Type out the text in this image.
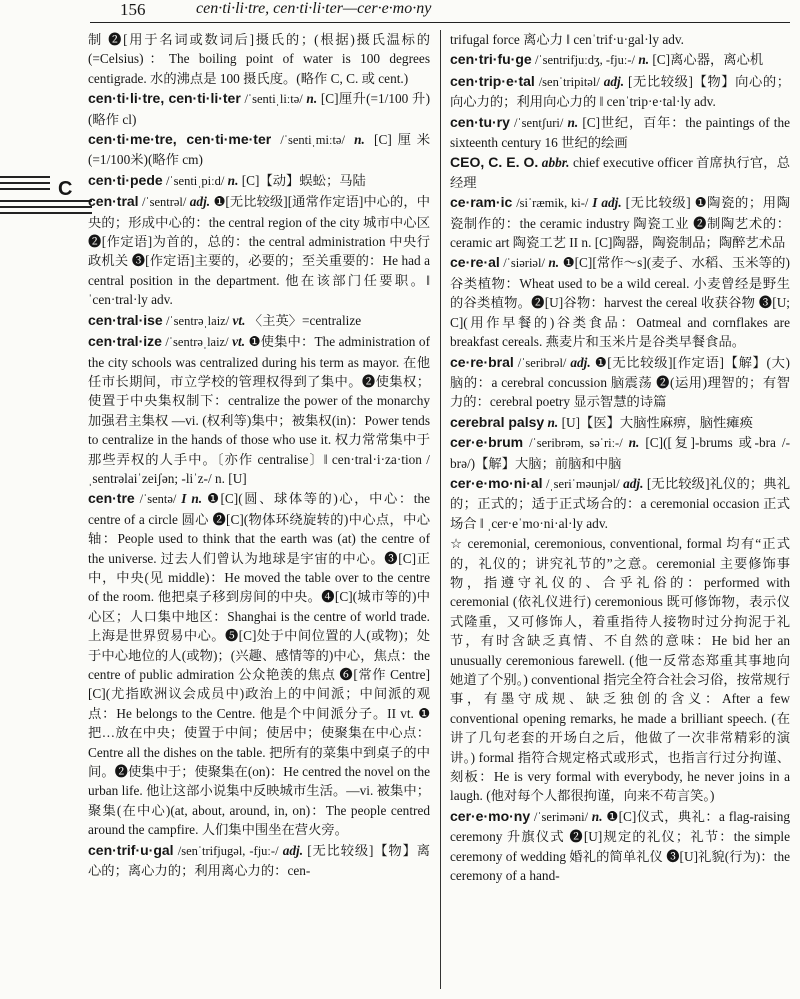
156	cen·ti·li·tre, cen·ti·li·ter—cer·e·mo·ny
C
制 ❷[用于名词或数词后]摄氏的；(根据)摄氏温标的(=Celsius)：The boiling point of water is 100 degrees centigrade. 水的沸点是 100 摄氏度。(略作 C, C. 或 cent.)
cen·ti·li·tre, cen·ti·li·ter /ˈsentiˌliːtə/ n. [C]厘升(=1/100 升)(略作 cl)
cen·ti·me·tre, cen·ti·me·ter /ˈsentiˌmiːtə/ n. [C]厘米(=1/100米)(略作 cm)
cen·ti·pede /ˈsentiˌpiːd/ n. [C]【动】蜈蚣；马陆
cen·tral /ˈsentrəl/ adj. ❶[无比较级][通常作定语]中心的，中央的；形成中心的：the central region of the city 城市中心区 ❷[作定语]为首的，总的：the central administration 中央行政机关 ❸[作定语]主要的，必要的；至关重要的：He had a central position in the department. 他在该部门任要职。‖ ˈcen·tral·ly adv.
cen·tral·ise /ˈsentrəˌlaiz/ vt. 〈主英〉=centralize
cen·tral·ize /ˈsentrəˌlaiz/ vt. ❶使集中：The administration of the city schools was centralized during his term as mayor. 在他任市长期间，市立学校的管理权得到了集中。❷使集权；使置于中央集权制下：centralize the power of the monarchy 加强君主集权 —vi. (权利等)集中；被集权(in)：Power tends to centralize in the hands of those who use it. 权力常常集中于那些弄权的人手中。〔亦作 centralise〕‖ cen·tral·i·za·tion /ˌsentrəlaiˈzeiʃən; -liˈz-/ n. [U]
cen·tre /ˈsentə/ I n. ❶[C](圆、球体等的)心，中心：the centre of a circle 圆心 ❷[C](物体环绕旋转的)中心点，中心轴：People used to think that the earth was (at) the centre of the universe. 过去人们曾认为地球是宇宙的中心。❸[C]正中，中央(见 middle)：He moved the table over to the centre of the room. 他把桌子移到房间的中央。❹[C](城市等的)中心区；人口集中地区：Shanghai is the centre of world trade. 上海是世界贸易中心。❺[C]处于中间位置的人(或物)；处于中心地位的人(或物)；(兴趣、感情等的)中心，焦点：the centre of public admiration 公众艳羡的焦点 ❻[常作 Centre][C](尤指欧洲议会成员中)政治上的中间派；中间派的观点：He belongs to the Centre. 他是个中间派分子。II vt. ❶把…放在中央；使置于中间；使居中；使聚集在中心点：Centre all the dishes on the table. 把所有的菜集中到桌子的中间。❷使集中于；使聚集在(on)：He centred the novel on the urban life. 他让这部小说集中反映城市生活。—vi. 被集中；聚集(在中心)(at, about, around, in, on)：The people centred around the campfire. 人们集中围坐在营火旁。
cen·trif·u·gal /senˈtrifjugəl, -fjuː-/ adj. [无比较级]【物】离心的；离心力的；利用离心力的：cen-
trifugal force 离心力 ‖ cenˈtrif·u·gal·ly adv.
cen·tri·fu·ge /ˈsentrifjuːdʒ, -fjuː-/ n. [C]离心器，离心机
cen·trip·e·tal /senˈtripitəl/ adj. [无比较级]【物】向心的；向心力的；利用向心力的 ‖ cenˈtrip·e·tal·ly adv.
cen·tu·ry /ˈsentʃuri/ n. [C]世纪，百年：the paintings of the sixteenth century 16 世纪的绘画
CEO, C. E. O. abbr. chief executive officer 首席执行官，总经理
ce·ram·ic /siˈræmik, ki-/ I adj. [无比较级] ❶陶瓷的；用陶瓷制作的：the ceramic industry 陶瓷工业 ❷制陶艺术的：ceramic art 陶瓷工艺 II n. [C]陶器，陶瓷制品；陶醉艺术品
ce·re·al /ˈsiəriəl/ n. ❶[C][常作～s](麦子、水稻、玉米等的)谷类植物：Wheat used to be a wild cereal. 小麦曾经是野生的谷类植物。❷[U]谷物：harvest the cereal 收获谷物 ❸[U; C](用作早餐的)谷类食品：Oatmeal and cornflakes are breakfast cereals. 燕麦片和玉米片是谷类早餐食品。
ce·re·bral /ˈseribrəl/ adj. ❶[无比较级][作定语]【解】(大)脑的：a cerebral concussion 脑震荡 ❷(运用)理智的；有智力的：cerebral poetry 显示智慧的诗篇
cerebral palsy n. [U]【医】大脑性麻痹，脑性瘫痪
cer·e·brum /ˈseribrəm, səˈriː-/ n. [C]([复]-brums 或-bra /-brə/)【解】大脑；前脑和中脑
cer·e·mo·ni·al /ˌseriˈməunjəl/ adj. [无比较级]礼仪的；典礼的；正式的；适于正式场合的：a ceremonial occasion 正式场合 ‖ ˌcer·eˈmo·ni·al·ly adv.
☆ ceremonial, ceremonious, conventional, formal 均有“正式的，礼仪的；讲究礼节的”之意。ceremonial 主要修饰事物，指遵守礼仪的、合乎礼俗的：performed with ceremonial (依礼仪进行) ceremonious 既可修饰物，表示仪式隆重，又可修饰人，着重指待人接物时过分拘泥于礼节，有时含缺乏真情、不自然的意味：He bid her an unusually ceremonious farewell. (他一反常态郑重其事地向她道了个别。) conventional 指完全符合社会习俗，按常规行事，有墨守成规、缺乏独创的含义：After a few conventional opening remarks, he made a brilliant speech. (在讲了几句老套的开场白之后，他做了一次非常精彩的演讲。) formal 指符合规定格式或形式，也指言行过分拘谨、刻板：He is very formal with everybody, he never joins in a laugh. (他对每个人都很拘谨，向来不苟言笑。)
cer·e·mo·ny /ˈseriməni/ n. ❶[C]仪式，典礼：a flag-raising ceremony 升旗仪式 ❷[U]规定的礼仪；礼节：the simple ceremony of wedding 婚礼的简单礼仪 ❸[U]礼貌(行为)：the ceremony of a hand-
